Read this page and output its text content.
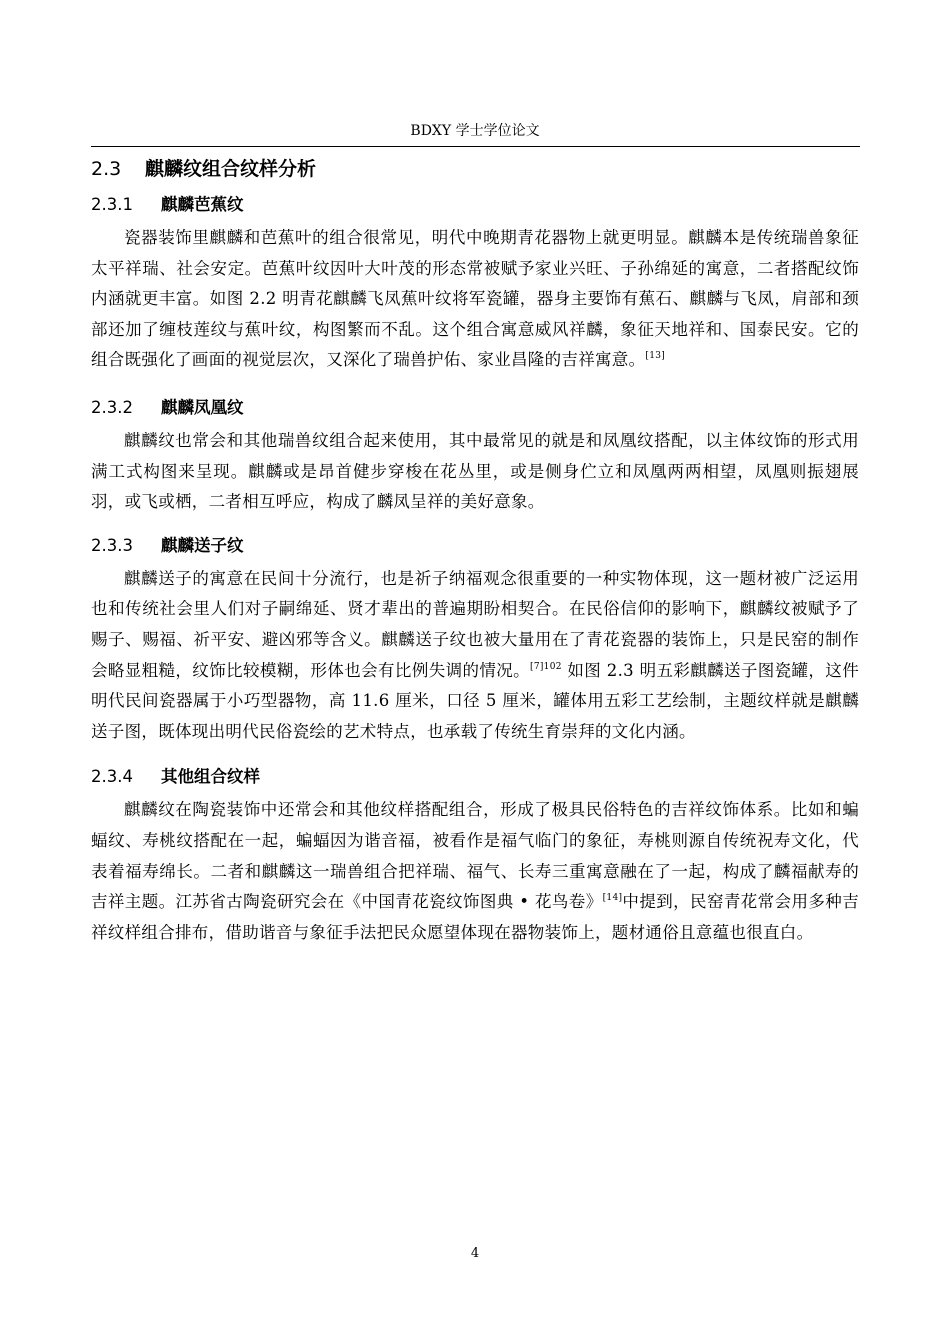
BDXY 学士学位论文
2.3 麒麟纹组合纹样分析
2.3.1 麒麟芭蕉纹

瓷器装饰里麒麟和芭蕉叶的组合很常见，明代中晚期青花器物上就更明显。麒麟本是传统瑞兽象征太平祥瑞、社会安定。芭蕉叶纹因叶大叶茂的形态常被赋予家业兴旺、子孙绵延的寓意，二者搭配纹饰内涵就更丰富。如图 2.2 明青花麒麟飞凤蕉叶纹将军瓷罐，器身主要饰有蕉石、麒麟与飞凤，肩部和颈部还加了缠枝莲纹与蕉叶纹，构图繁而不乱。这个组合寓意威风祥麟，象征天地祥和、国泰民安。它的组合既强化了画面的视觉层次，又深化了瑞兽护佑、家业昌隆的吉祥寓意。[13]

2.3.2 麒麟凤凰纹

麒麟纹也常会和其他瑞兽纹组合起来使用，其中最常见的就是和凤凰纹搭配，以主体纹饰的形式用满工式构图来呈现。麒麟或是昂首健步穿梭在花丛里，或是侧身伫立和凤凰两两相望，凤凰则振翅展羽，或飞或栖，二者相互呼应，构成了麟凤呈祥的美好意象。

2.3.3 麒麟送子纹

麒麟送子的寓意在民间十分流行，也是祈子纳福观念很重要的一种实物体现，这一题材被广泛运用也和传统社会里人们对子嗣绵延、贤才辈出的普遍期盼相契合。在民俗信仰的影响下，麒麟纹被赋予了赐子、赐福、祈平安、避凶邪等含义。麒麟送子纹也被大量用在了青花瓷器的装饰上，只是民窑的制作会略显粗糙，纹饰比较模糊，形体也会有比例失调的情况。$^{[7]102}$ 如图 2.3 明五彩麒麟送子图瓷罐，这件明代民间瓷器属于小巧型器物，高 11.6 厘米，口径 5 厘米，罐体用五彩工艺绘制，主题纹样就是麒麟送子图，既体现出明代民俗瓷绘的艺术特点，也承载了传统生育崇拜的文化内涵。

2.3.4 其他组合纹样

麒麟纹在陶瓷装饰中还常会和其他纹样搭配组合，形成了极具民俗特色的吉祥纹饰体系。比如和蝙蝠纹、寿桃纹搭配在一起，蝙蝠因为谐音福，被看作是福气临门的象征，寿桃则源自传统祝寿文化，代表着福寿绵长。二者和麒麟这一瑞兽组合把祥瑞、福气、长寿三重寓意融在了一起，构成了麟福献寿的吉祥主题。江苏省古陶瓷研究会在《中国青花瓷纹饰图典 • 花鸟卷》[14]中提到，民窑青花常会用多种吉祥纹样组合排布，借助谐音与象征手法把民众愿望体现在器物装饰上，题材通俗且意蕴也很直白。

4
